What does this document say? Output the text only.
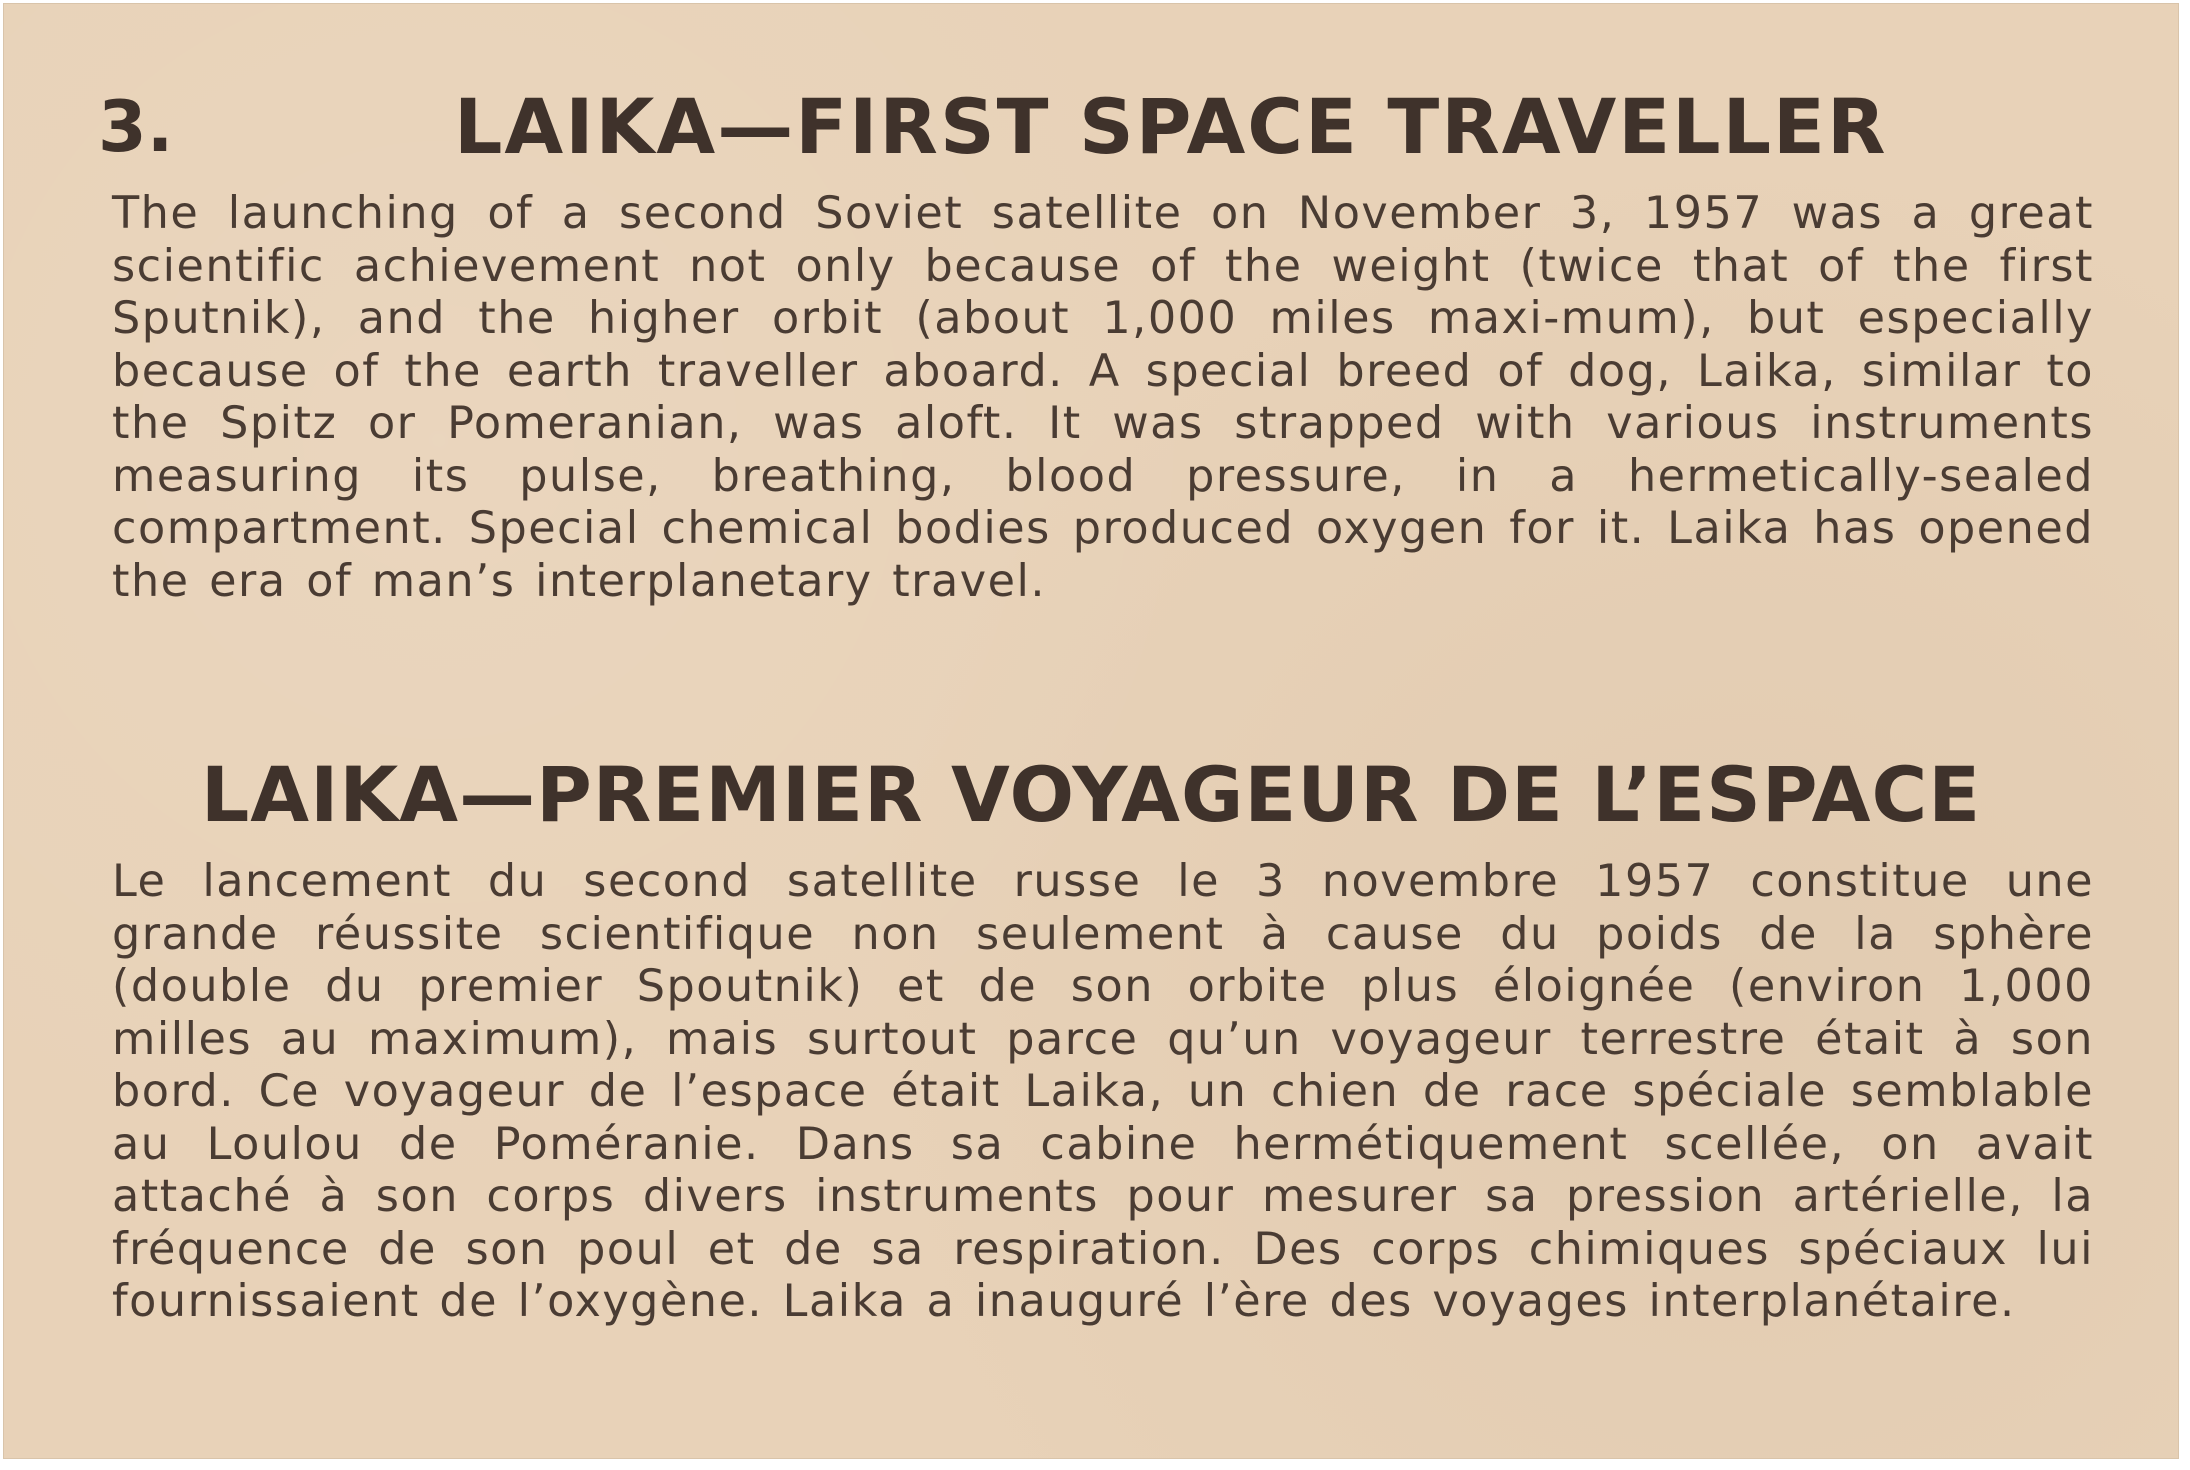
3.	LAIKA—FIRST SPACE TRAVELLER
The launching of a second Soviet satellite on November 3, 1957 was a great scientific achievement not only because of the weight (twice that of the first Sputnik), and the higher orbit (about 1,000 miles maxi-mum), but especially because of the earth traveller aboard. A special breed of dog, Laika, similar to the Spitz or Pomeranian, was aloft. It was strapped with various instruments measuring its pulse, breathing, blood pressure, in a hermetically-sealed compartment. Special chemical bodies produced oxygen for it. Laika has opened the era of man’s interplanetary travel.
LAIKA—PREMIER VOYAGEUR DE L’ESPACE
Le lancement du second satellite russe le 3 novembre 1957 constitue une grande réussite scientifique non seulement à cause du poids de la sphère (double du premier Spoutnik) et de son orbite plus éloignée (environ 1,000 milles au maximum), mais surtout parce qu’un voyageur terrestre était à son bord. Ce voyageur de l’espace était Laika, un chien de race spéciale semblable au Loulou de Poméranie. Dans sa cabine hermétiquement scellée, on avait attaché à son corps divers instruments pour mesurer sa pression artérielle, la fréquence de son poul et de sa respiration. Des corps chimiques spéciaux lui fournissaient de l’oxygène. Laika a inauguré l’ère des voyages interplanétaire.
